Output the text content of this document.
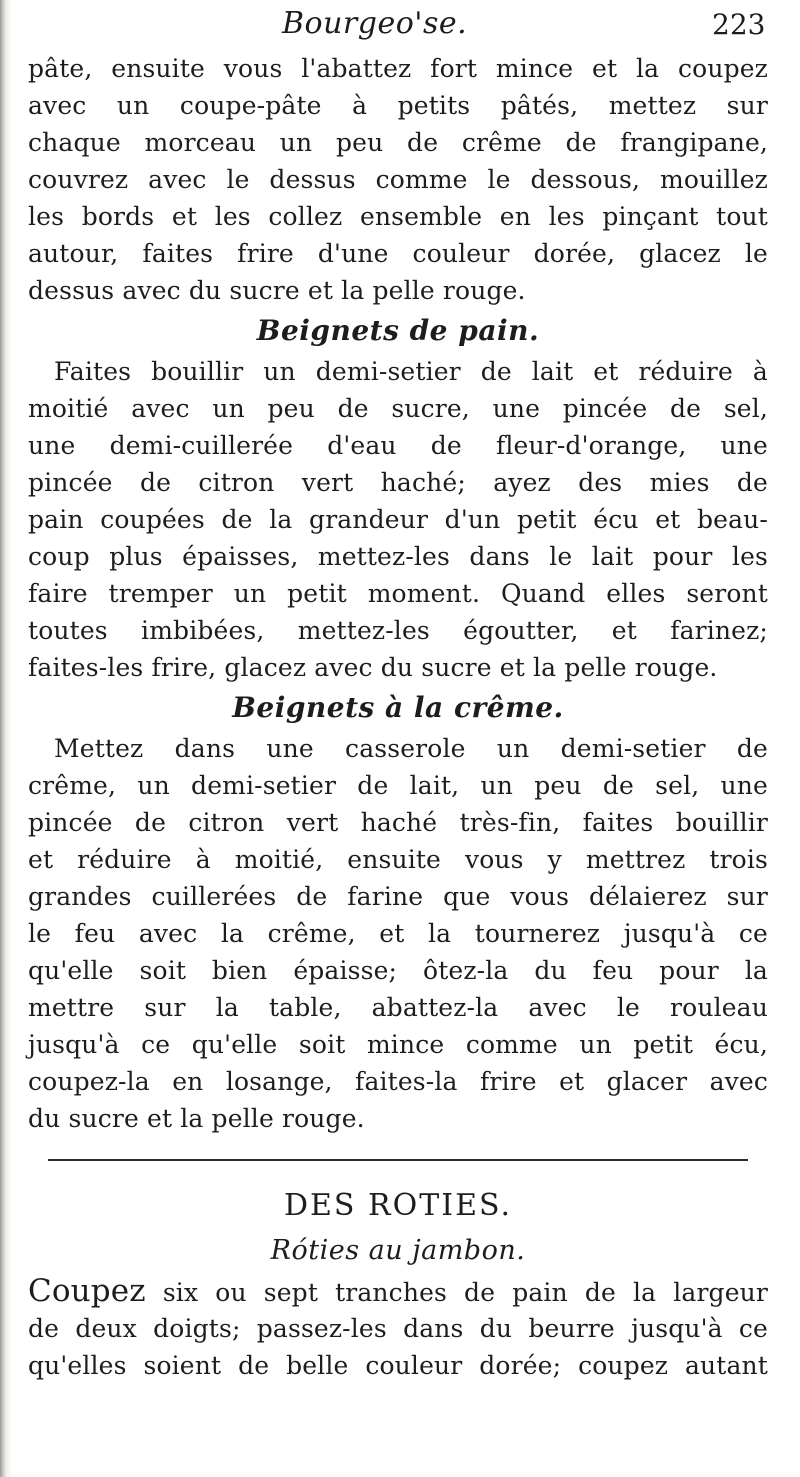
Bourgeo'se.	223
pâte, ensuite vous l'abattez fort mince et la coupez
avec un coupe-pâte à petits pâtés, mettez sur
chaque morceau un peu de crême de frangipane,
couvrez avec le dessus comme le dessous, mouillez
les bords et les collez ensemble en les pinçant tout
autour, faites frire d'une couleur dorée, glacez le
dessus avec du sucre et la pelle rouge.
Beignets de pain.
Faites bouillir un demi-setier de lait et réduire à
moitié avec un peu de sucre, une pincée de sel,
une demi-cuillerée d'eau de fleur-d'orange, une
pincée de citron vert haché; ayez des mies de
pain coupées de la grandeur d'un petit écu et beau-
coup plus épaisses, mettez-les dans le lait pour les
faire tremper un petit moment. Quand elles seront
toutes imbibées, mettez-les égoutter, et farinez;
faites-les frire, glacez avec du sucre et la pelle rouge.
Beignets à la crême.
Mettez dans une casserole un demi-setier de
crême, un demi-setier de lait, un peu de sel, une
pincée de citron vert haché très-fin, faites bouillir
et réduire à moitié, ensuite vous y mettrez trois
grandes cuillerées de farine que vous délaierez sur
le feu avec la crême, et la tournerez jusqu'à ce
qu'elle soit bien épaisse; ôtez-la du feu pour la
mettre sur la table, abattez-la avec le rouleau
jusqu'à ce qu'elle soit mince comme un petit écu,
coupez-la en losange, faites-la frire et glacer avec
du sucre et la pelle rouge.
DES ROTIES.
Róties au jambon.
Coupez six ou sept tranches de pain de la largeur
de deux doigts; passez-les dans du beurre jusqu'à ce
qu'elles soient de belle couleur dorée; coupez autant
